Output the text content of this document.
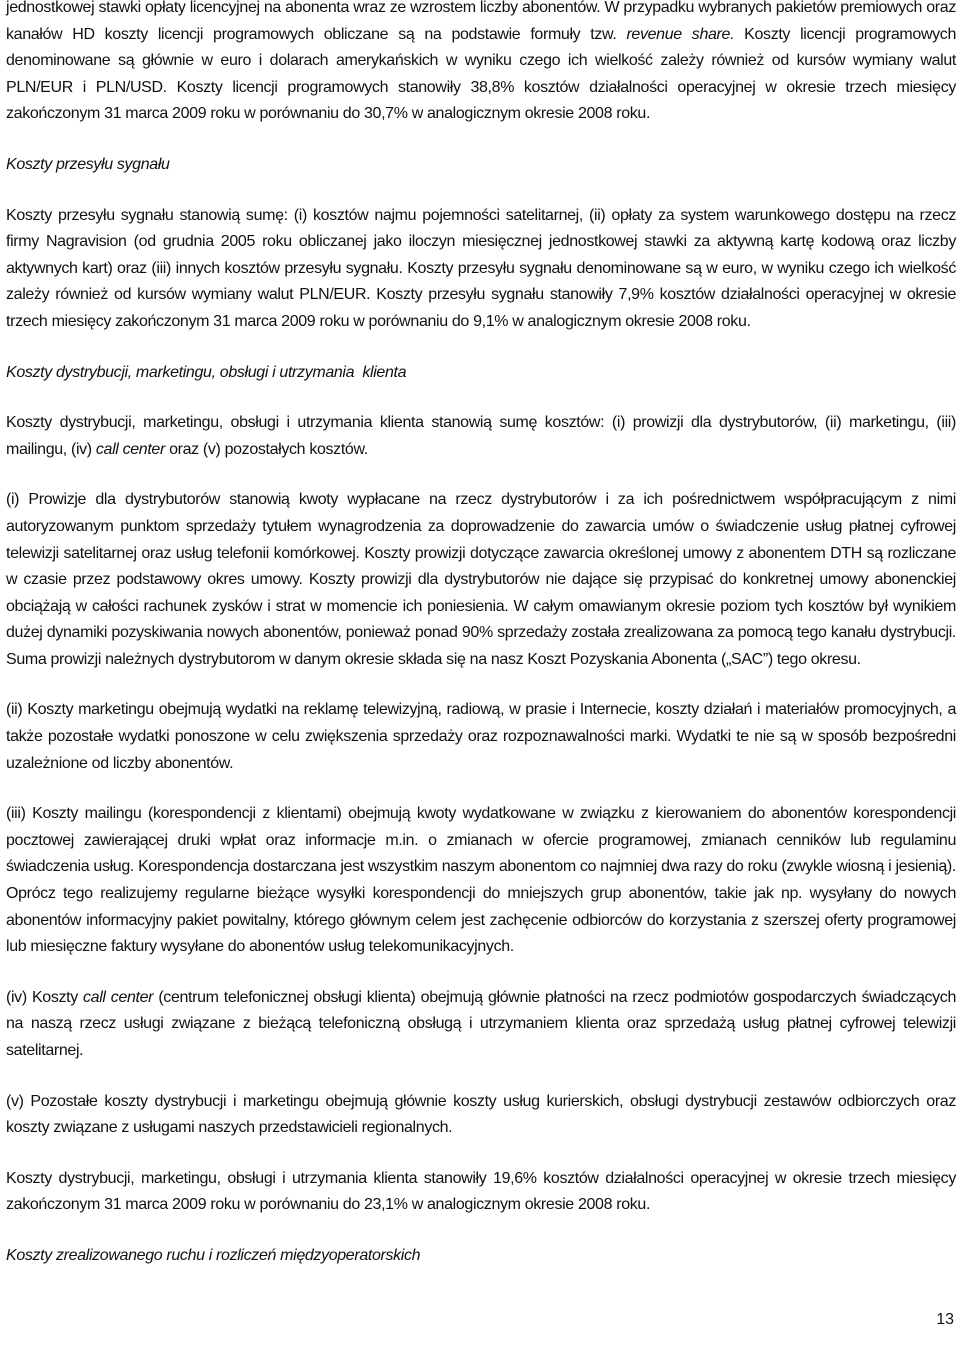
jednostkowej stawki opłaty licencyjnej na abonenta wraz ze wzrostem liczby abonentów. W przypadku wybranych pakietów premiowych oraz kanałów HD koszty licencji programowych obliczane są na podstawie formuły tzw. revenue share. Koszty licencji programowych denominowane są głównie w euro i dolarach amerykańskich w wyniku czego ich wielkość zależy również od kursów wymiany walut PLN/EUR i PLN/USD. Koszty licencji programowych stanowiły 38,8% kosztów działalności operacyjnej w okresie trzech miesięcy zakończonym 31 marca 2009 roku w porównaniu do 30,7% w analogicznym okresie 2008 roku.

Koszty przesyłu sygnału

Koszty przesyłu sygnału stanowią sumę: (i) kosztów najmu pojemności satelitarnej, (ii) opłaty za system warunkowego dostępu na rzecz firmy Nagravision (od grudnia 2005 roku obliczanej jako iloczyn miesięcznej jednostkowej stawki za aktywną kartę kodową oraz liczby aktywnych kart) oraz (iii) innych kosztów przesyłu sygnału. Koszty przesyłu sygnału denominowane są w euro, w wyniku czego ich wielkość zależy również od kursów wymiany walut PLN/EUR. Koszty przesyłu sygnału stanowiły 7,9% kosztów działalności operacyjnej w okresie trzech miesięcy zakończonym 31 marca 2009 roku w porównaniu do 9,1% w analogicznym okresie 2008 roku.

Koszty dystrybucji, marketingu, obsługi i utrzymania  klienta

Koszty dystrybucji, marketingu, obsługi i utrzymania klienta stanowią sumę kosztów: (i) prowizji dla dystrybutorów, (ii) marketingu, (iii) mailingu, (iv) call center oraz (v) pozostałych kosztów.

(i) Prowizje dla dystrybutorów stanowią kwoty wypłacane na rzecz dystrybutorów i za ich pośrednictwem współpracującym z nimi autoryzowanym punktom sprzedaży tytułem wynagrodzenia za doprowadzenie do zawarcia umów o świadczenie usług płatnej cyfrowej telewizji satelitarnej oraz usług telefonii komórkowej. Koszty prowizji dotyczące zawarcia określonej umowy z abonentem DTH są rozliczane w czasie przez podstawowy okres umowy. Koszty prowizji dla dystrybutorów nie dające się przypisać do konkretnej umowy abonenckiej obciążają w całości rachunek zysków i strat w momencie ich poniesienia. W całym omawianym okresie poziom tych kosztów był wynikiem dużej dynamiki pozyskiwania nowych abonentów, ponieważ ponad 90% sprzedaży została zrealizowana za pomocą tego kanału dystrybucji. Suma prowizji należnych dystrybutorom w danym okresie składa się na nasz Koszt Pozyskania Abonenta („SAC”) tego okresu.

(ii) Koszty marketingu obejmują wydatki na reklamę telewizyjną, radiową, w prasie i Internecie, koszty działań i materiałów promocyjnych, a także pozostałe wydatki ponoszone w celu zwiększenia sprzedaży oraz rozpoznawalności marki. Wydatki te nie są w sposób bezpośredni uzależnione od liczby abonentów.

(iii) Koszty mailingu (korespondencji z klientami) obejmują kwoty wydatkowane w związku z kierowaniem do abonentów korespondencji pocztowej zawierającej druki wpłat oraz informacje m.in. o zmianach w ofercie programowej, zmianach cenników lub regulaminu świadczenia usług. Korespondencja dostarczana jest wszystkim naszym abonentom co najmniej dwa razy do roku (zwykle wiosną i jesienią). Oprócz tego realizujemy regularne bieżące wysyłki korespondencji do mniejszych grup abonentów, takie jak np. wysyłany do nowych abonentów informacyjny pakiet powitalny, którego głównym celem jest zachęcenie odbiorców do korzystania z szerszej oferty programowej lub miesięczne faktury wysyłane do abonentów usług telekomunikacyjnych.

(iv) Koszty call center (centrum telefonicznej obsługi klienta) obejmują głównie płatności na rzecz podmiotów gospodarczych świadczących na naszą rzecz usługi związane z bieżącą telefoniczną obsługą i utrzymaniem klienta oraz sprzedażą usług płatnej cyfrowej telewizji satelitarnej.

(v) Pozostałe koszty dystrybucji i marketingu obejmują głównie koszty usług kurierskich, obsługi dystrybucji zestawów odbiorczych oraz koszty związane z usługami naszych przedstawicieli regionalnych.

Koszty dystrybucji, marketingu, obsługi i utrzymania klienta stanowiły 19,6% kosztów działalności operacyjnej w okresie trzech miesięcy zakończonym 31 marca 2009 roku w porównaniu do 23,1% w analogicznym okresie 2008 roku.

Koszty zrealizowanego ruchu i rozliczeń międzyoperatorskich
13
